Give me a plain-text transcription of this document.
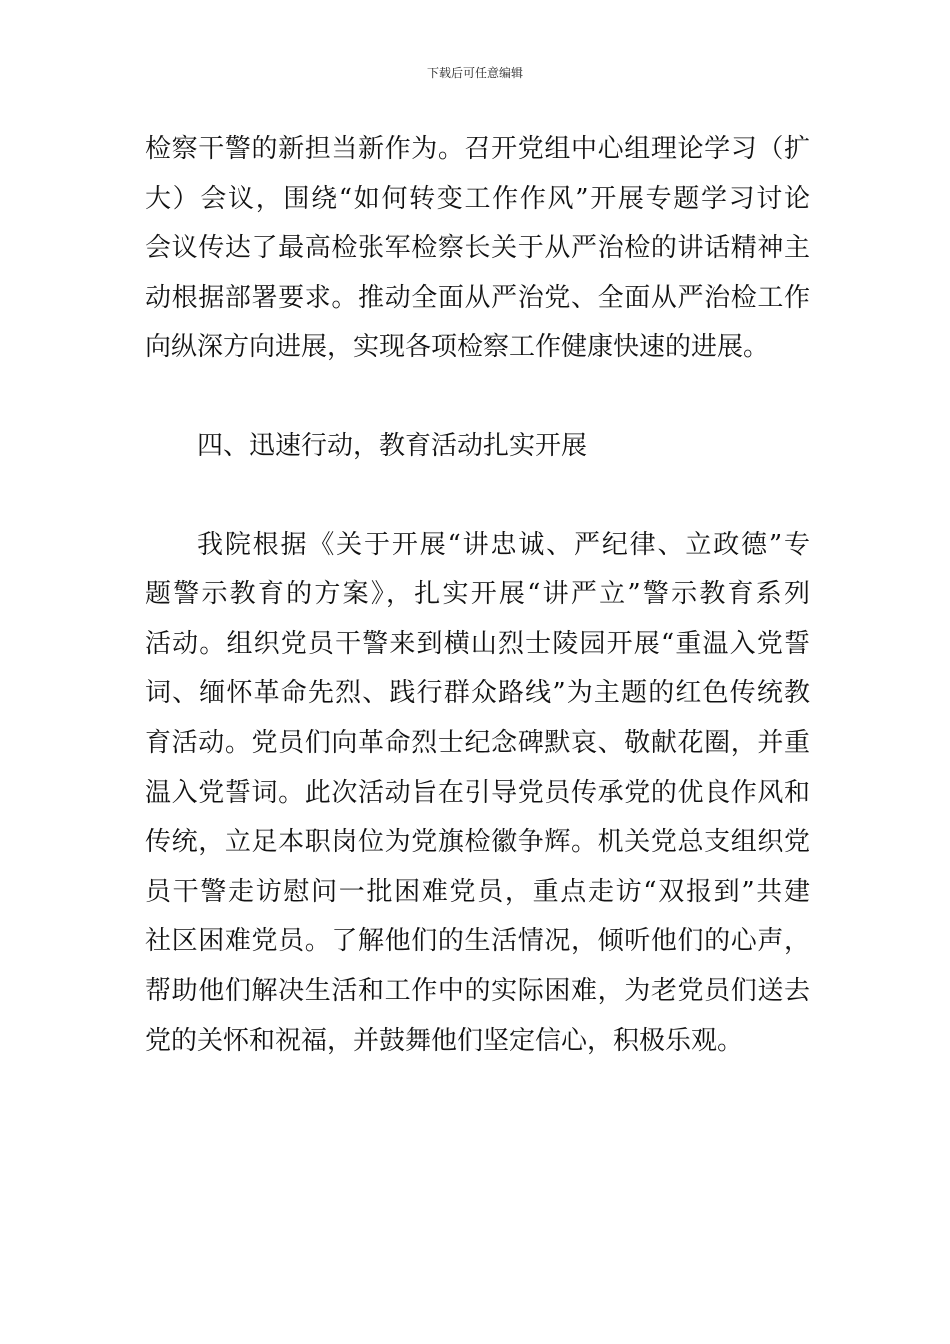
下载后可任意编辑
检察干警的新担当新作为。召开党组中心组理论学习（扩
大）会议，围绕“如何转变工作作风”开展专题学习讨论
会议传达了最高检张军检察长关于从严治检的讲话精神主
动根据部署要求。推动全面从严治党、全面从严治检工作
向纵深方向进展，实现各项检察工作健康快速的进展。
四、迅速行动，教育活动扎实开展
我院根据《关于开展“讲忠诚、严纪律、立政德”专
题警示教育的方案》，扎实开展“讲严立”警示教育系列
活动。组织党员干警来到横山烈士陵园开展“重温入党誓
词、缅怀革命先烈、践行群众路线”为主题的红色传统教
育活动。党员们向革命烈士纪念碑默哀、敬献花圈，并重
温入党誓词。此次活动旨在引导党员传承党的优良作风和
传统，立足本职岗位为党旗检徽争辉。机关党总支组织党
员干警走访慰问一批困难党员，重点走访“双报到”共建
社区困难党员。了解他们的生活情况，倾听他们的心声，
帮助他们解决生活和工作中的实际困难，为老党员们送去
党的关怀和祝福，并鼓舞他们坚定信心，积极乐观。
